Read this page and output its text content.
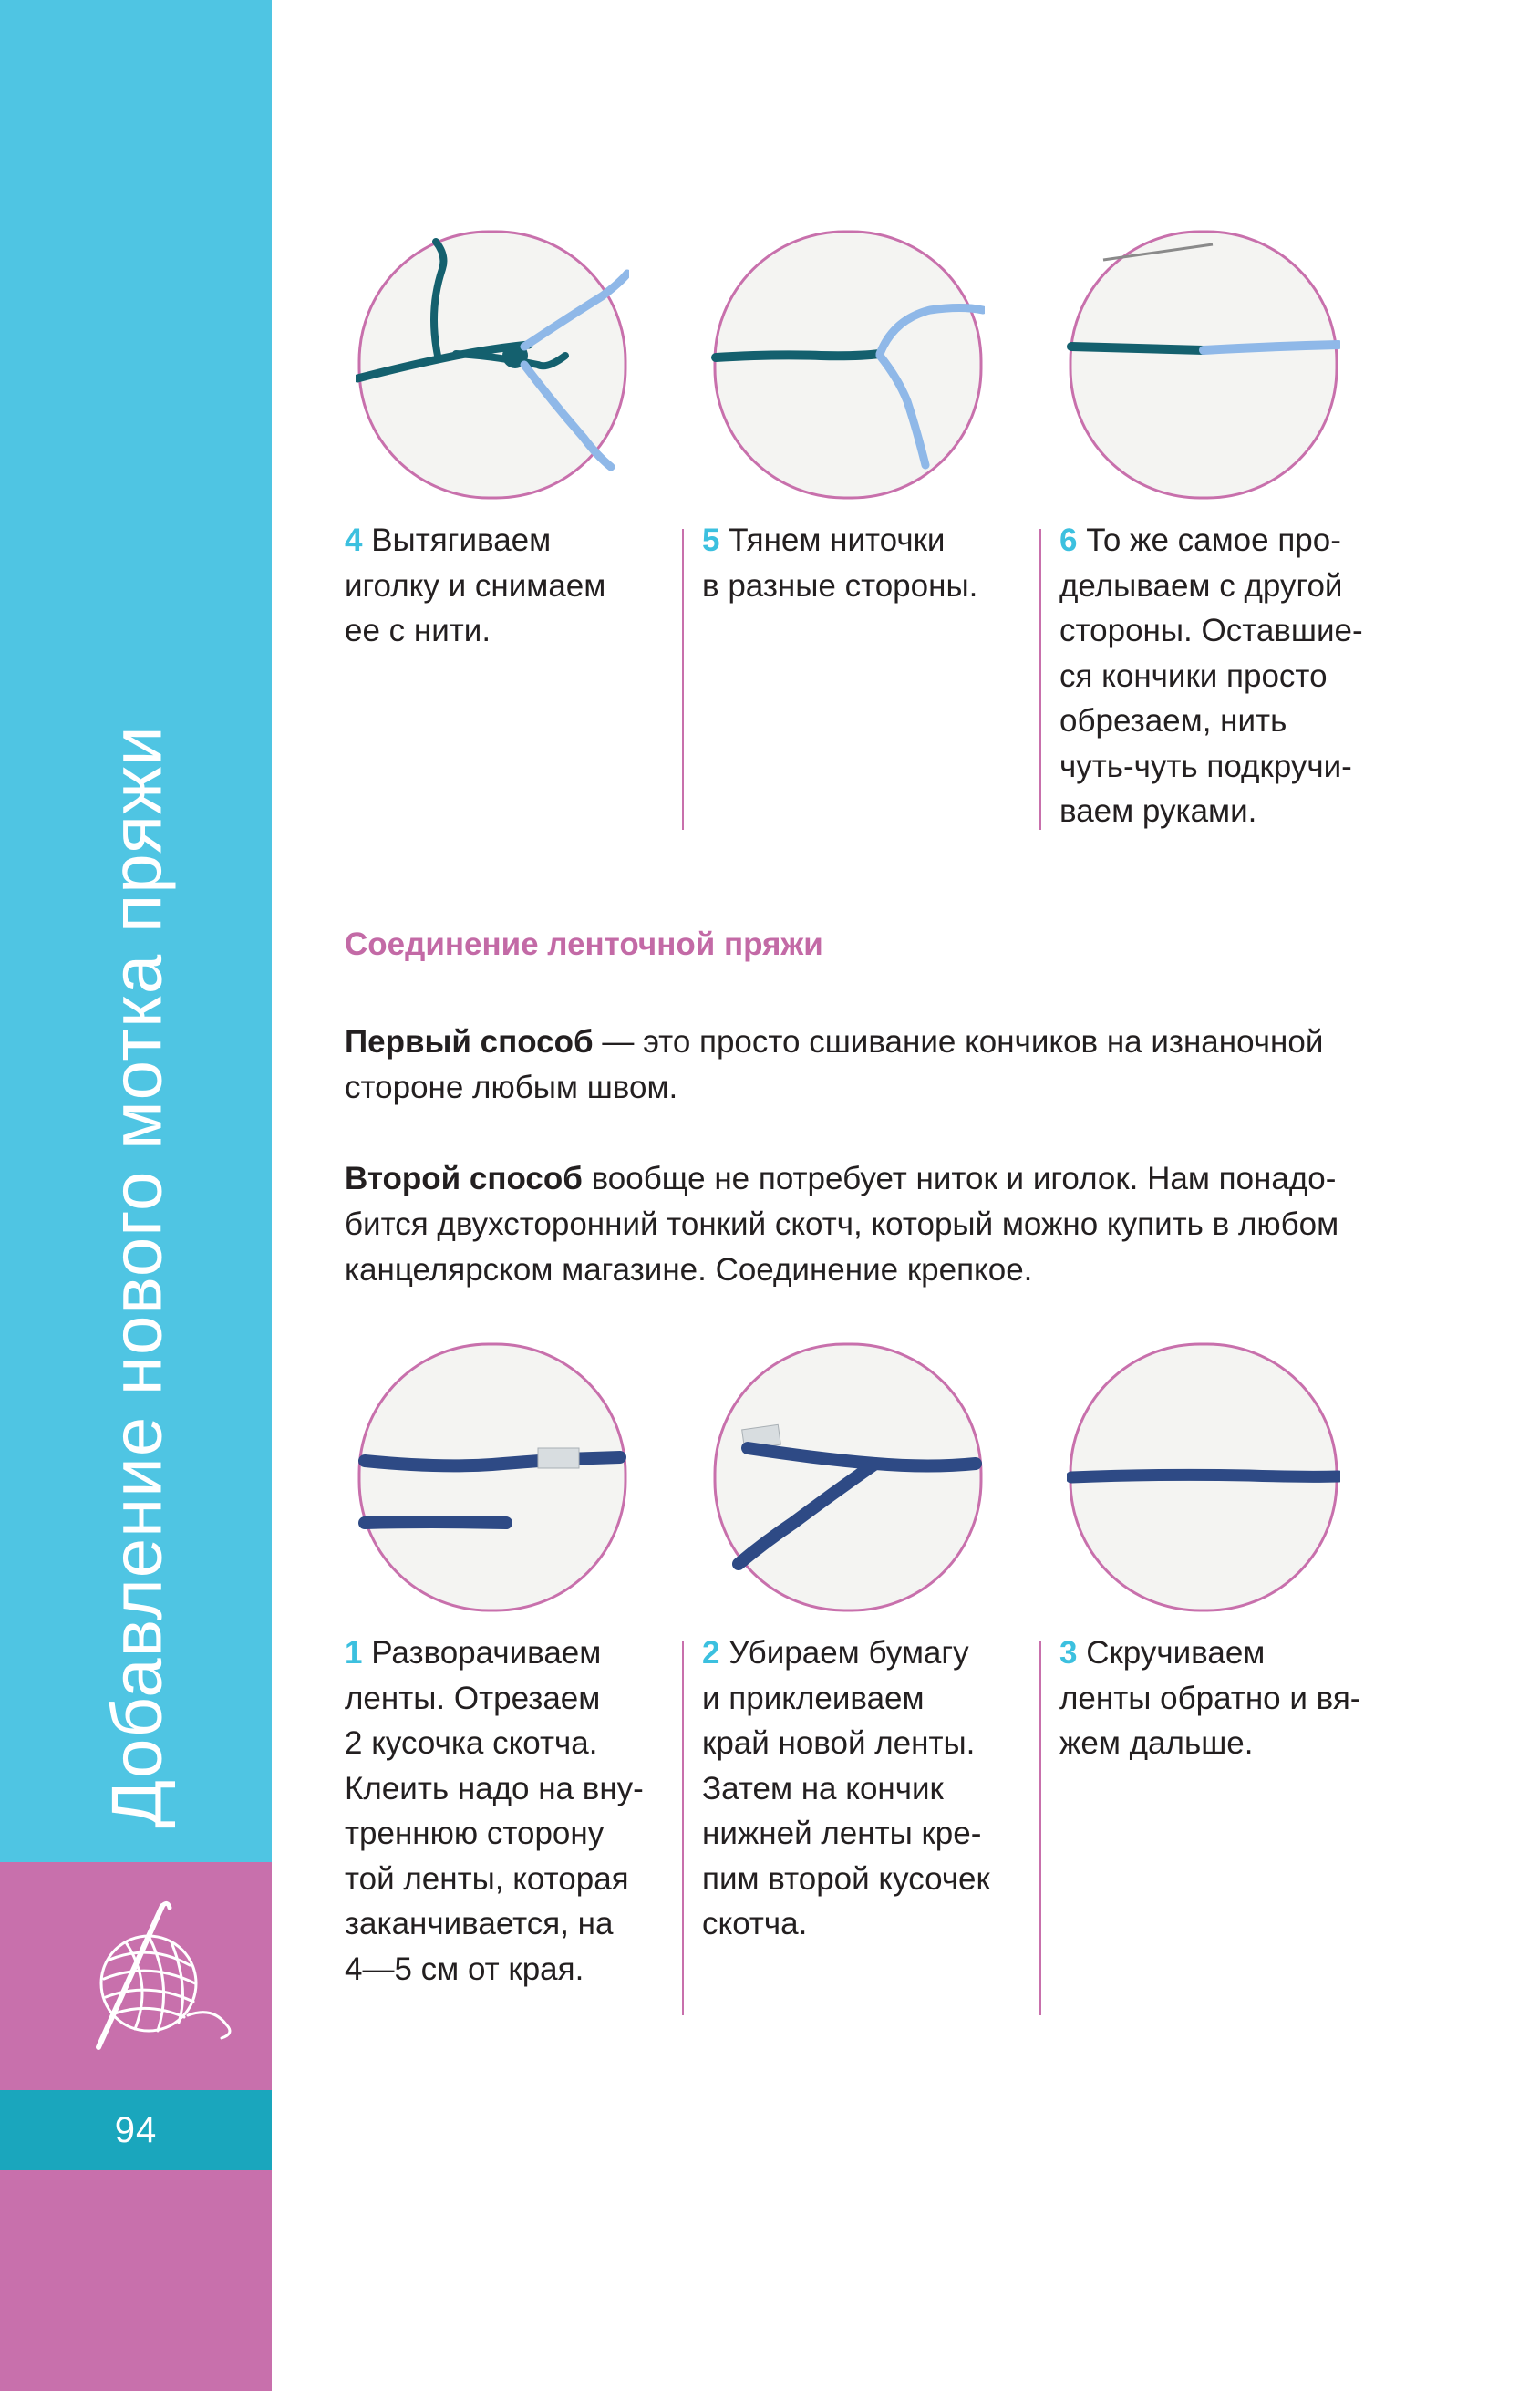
Добавление нового мотка пряжи
94
4 Вытягиваем
иголку и снимаем
ее с нити.
5 Тянем ниточки
в разные стороны.
6 То же самое про-
делываем с другой
стороны. Оставшие-
ся кончики просто
обрезаем, нить
чуть-чуть подкручи-
ваем руками.
Соединение ленточной пряжи

Первый способ — это просто сшивание кончиков на изнаночной
стороне любым швом.

Второй способ вообще не потребует ниток и иголок. Нам понадо-
бится двухсторонний тонкий скотч, который можно купить в любом
канцелярском магазине. Соединение крепкое.

1 Разворачиваем
ленты. Отрезаем
2 кусочка скотча.
Клеить надо на вну-
треннюю сторону
той ленты, которая
заканчивается, на
4—5 см от края.
2 Убираем бумагу
и приклеиваем
край новой ленты.
Затем на кончик
нижней ленты кре-
пим второй кусочек
скотча.
3 Скручиваем
ленты обратно и вя-
жем дальше.
